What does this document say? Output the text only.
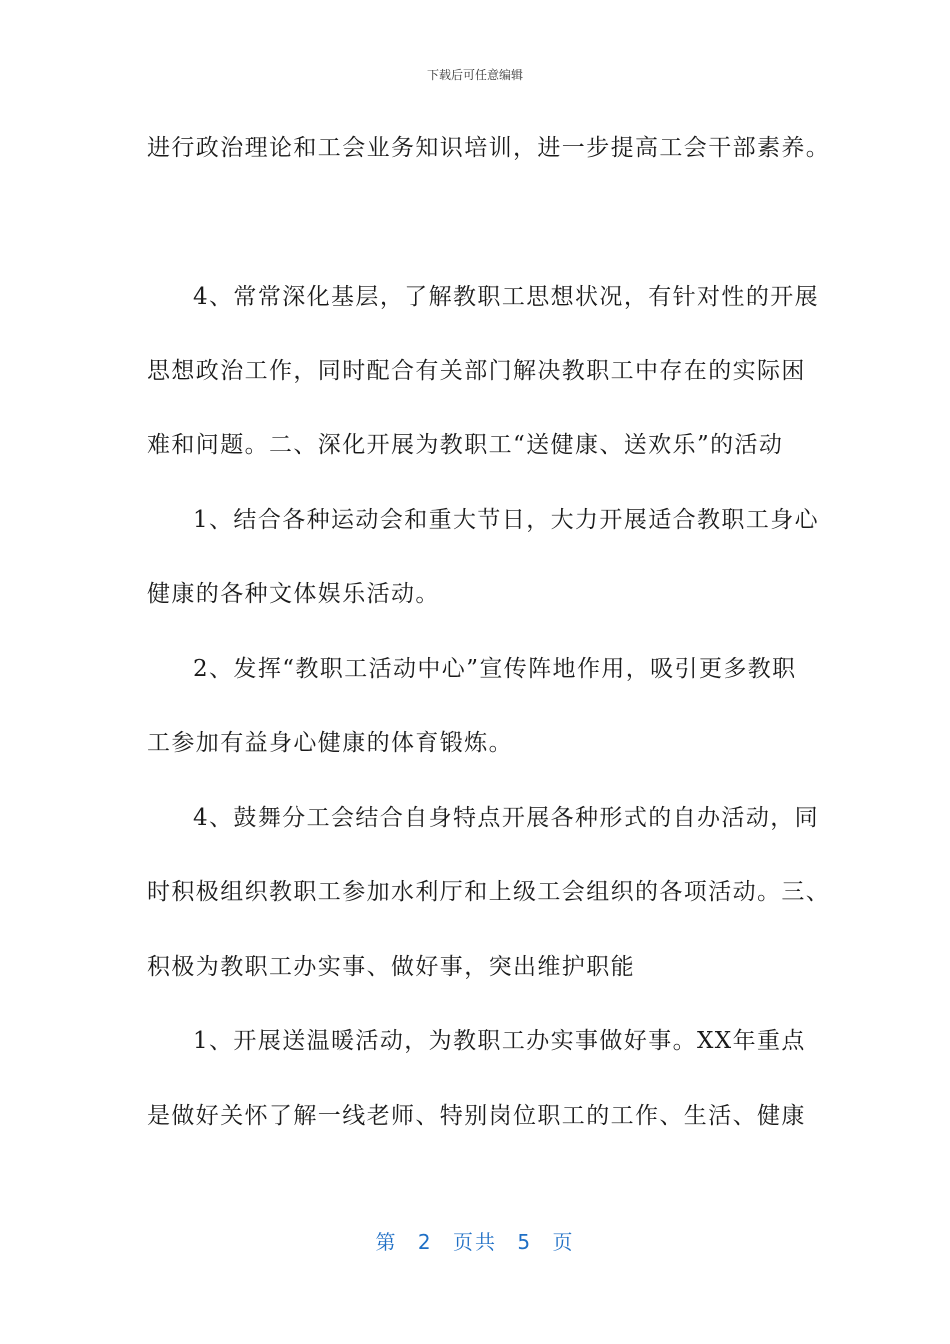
下载后可任意编辑
进行政治理论和工会业务知识培训，进一步提高工会干部素养。
4、常常深化基层，了解教职工思想状况，有针对性的开展
思想政治工作，同时配合有关部门解决教职工中存在的实际困
难和问题。二、深化开展为教职工“送健康、送欢乐”的活动
1、结合各种运动会和重大节日，大力开展适合教职工身心
健康的各种文体娱乐活动。
2、发挥“教职工活动中心”宣传阵地作用，吸引更多教职
工参加有益身心健康的体育锻炼。
4、鼓舞分工会结合自身特点开展各种形式的自办活动，同
时积极组织教职工参加水利厅和上级工会组织的各项活动。三、
积极为教职工办实事、做好事，突出维护职能
1、开展送温暖活动，为教职工办实事做好事。XX年重点
是做好关怀了解一线老师、特别岗位职工的工作、生活、健康
第 2 页共 5 页
